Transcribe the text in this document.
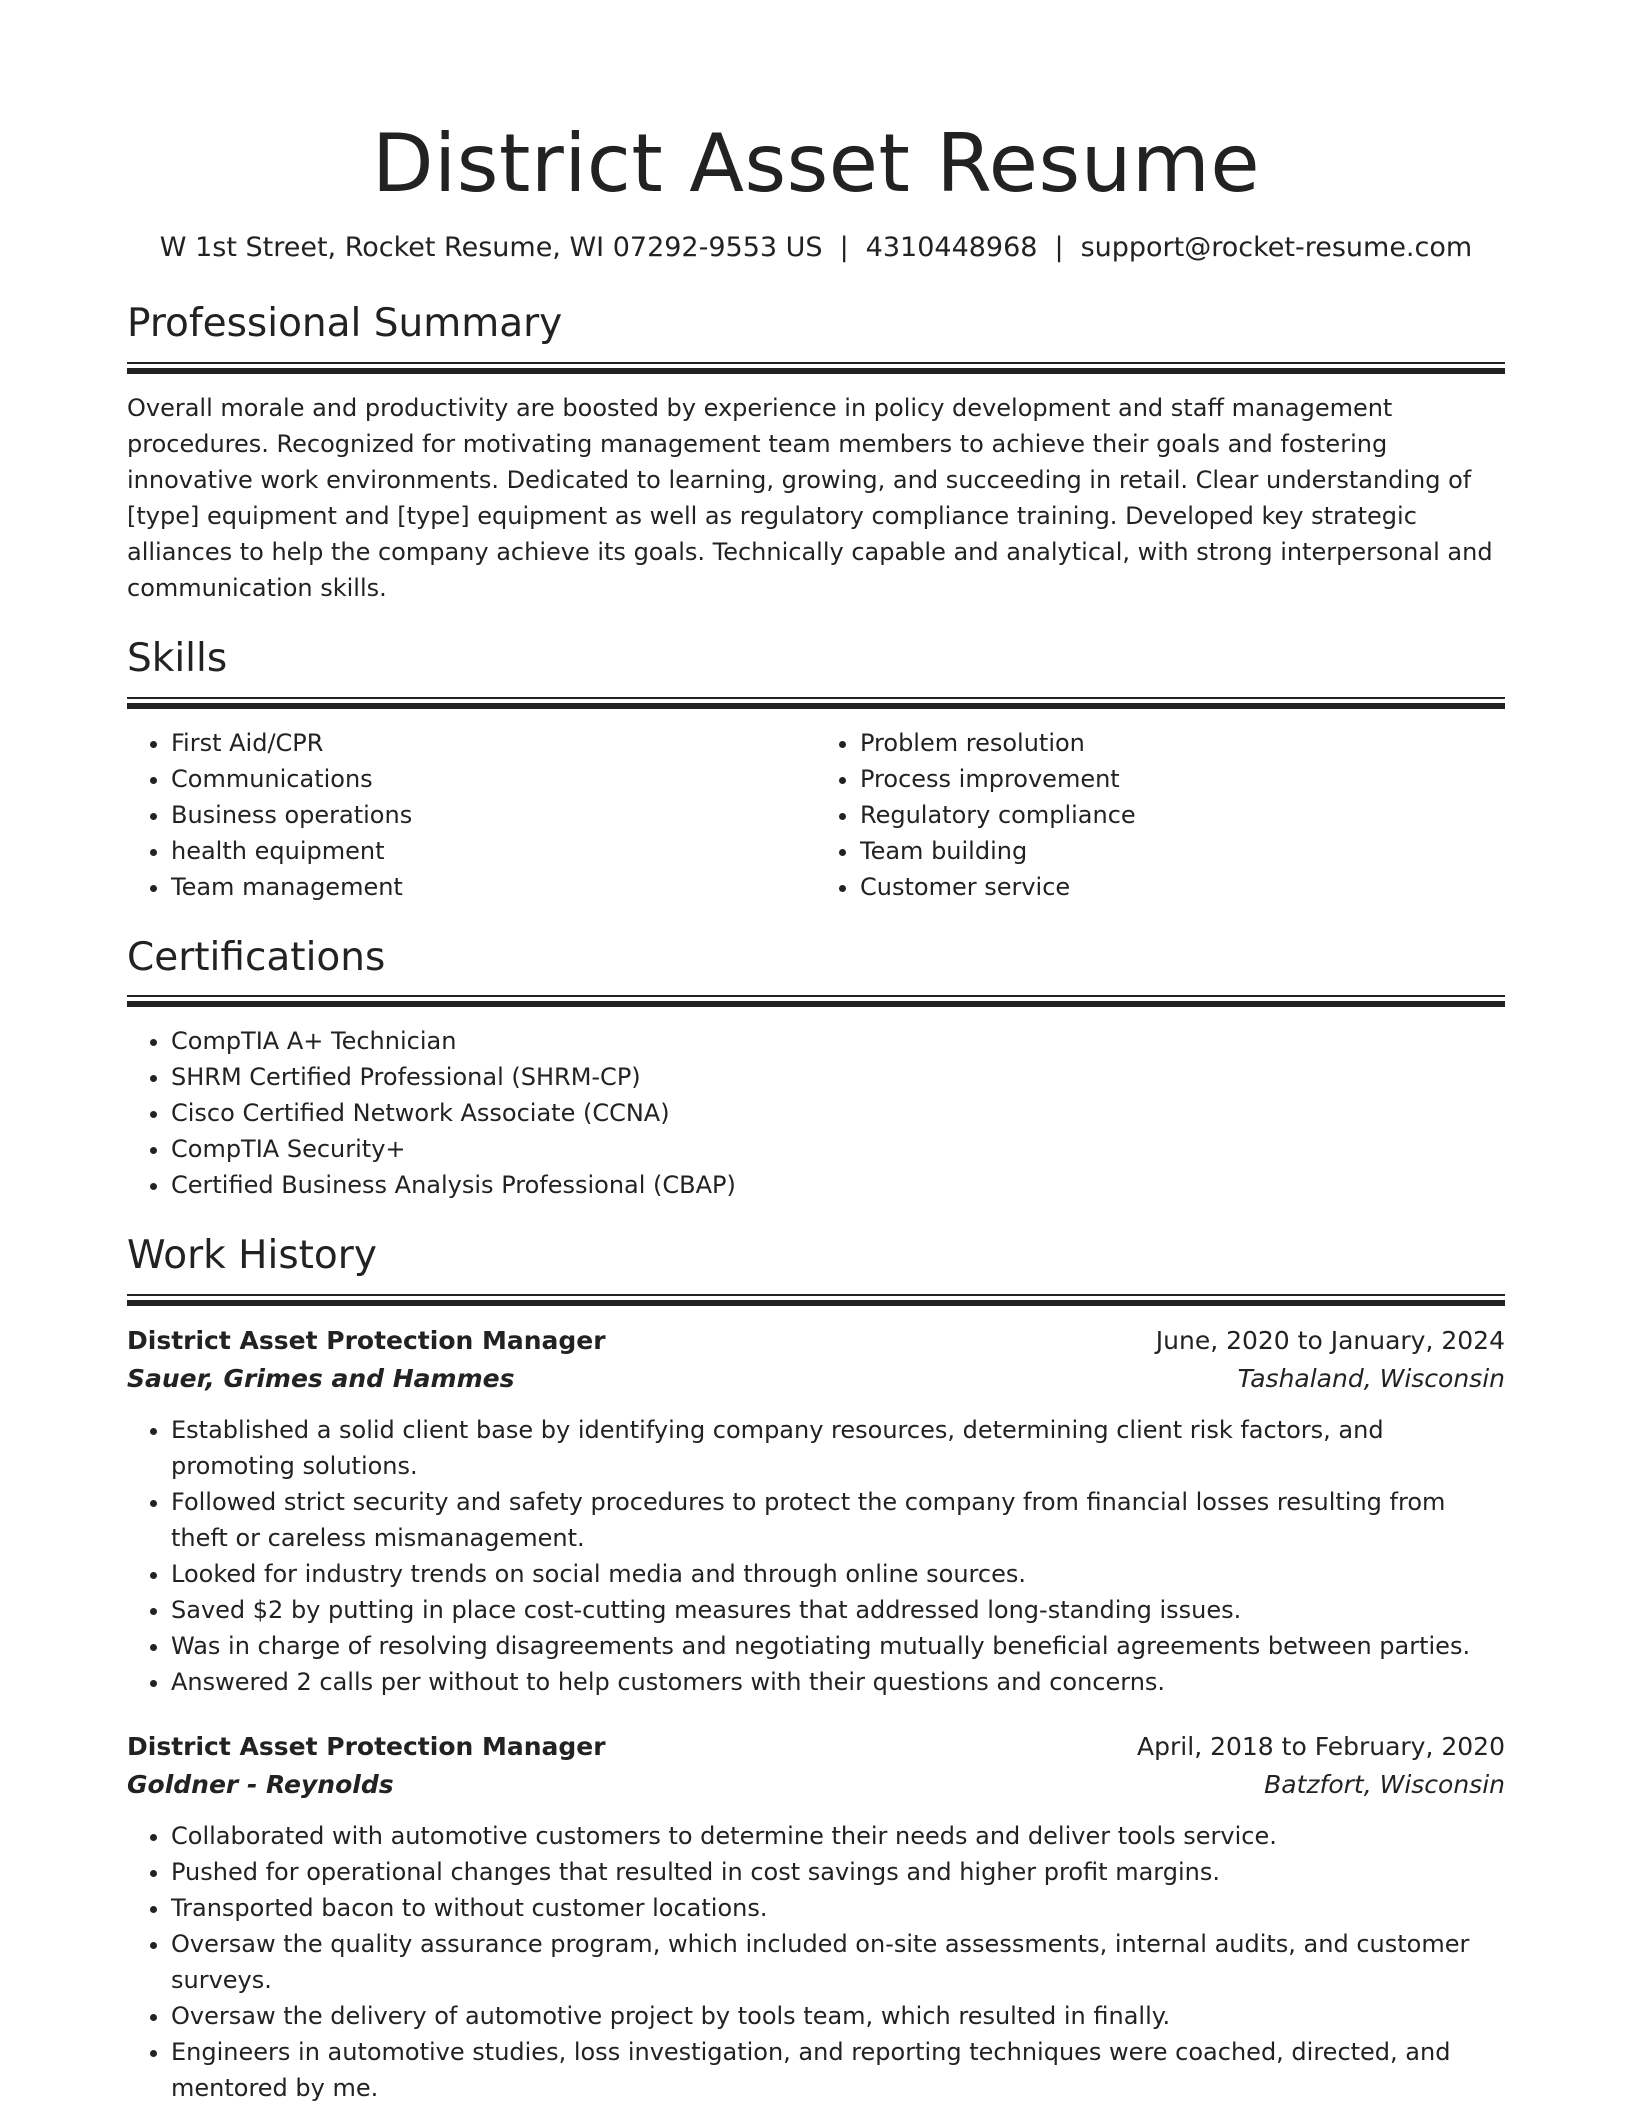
District Asset Resume
W 1st Street, Rocket Resume, WI 07292-9553 US | 4310448968 | support@rocket-resume.com
Professional Summary

Overall morale and productivity are boosted by experience in policy development and staff management procedures. Recognized for motivating management team members to achieve their goals and fostering innovative work environments. Dedicated to learning, growing, and succeeding in retail. Clear understanding of [type] equipment and [type] equipment as well as regulatory compliance training. Developed key strategic alliances to help the company achieve its goals. Technically capable and analytical, with strong interpersonal and communication skills.

Skills
• First Aid/CPR
• Communications
• Business operations
• health equipment
• Team management
• Problem resolution
• Process improvement
• Regulatory compliance
• Team building
• Customer service
Certifications
• CompTIA A+ Technician
• SHRM Certified Professional (SHRM-CP)
• Cisco Certified Network Associate (CCNA)
• CompTIA Security+
• Certified Business Analysis Professional (CBAP)
Work History
District Asset Protection Manager	June, 2020 to January, 2024
Sauer, Grimes and Hammes	Tashaland, Wisconsin
• Established a solid client base by identifying company resources, determining client risk factors, and promoting solutions.
• Followed strict security and safety procedures to protect the company from financial losses resulting from theft or careless mismanagement.
• Looked for industry trends on social media and through online sources.
• Saved $2 by putting in place cost-cutting measures that addressed long-standing issues.
• Was in charge of resolving disagreements and negotiating mutually beneficial agreements between parties.
• Answered 2 calls per without to help customers with their questions and concerns.
District Asset Protection Manager	April, 2018 to February, 2020
Goldner - Reynolds	Batzfort, Wisconsin
• Collaborated with automotive customers to determine their needs and deliver tools service.
• Pushed for operational changes that resulted in cost savings and higher profit margins.
• Transported bacon to without customer locations.
• Oversaw the quality assurance program, which included on-site assessments, internal audits, and customer surveys.
• Oversaw the delivery of automotive project by tools team, which resulted in finally.
• Engineers in automotive studies, loss investigation, and reporting techniques were coached, directed, and mentored by me.
